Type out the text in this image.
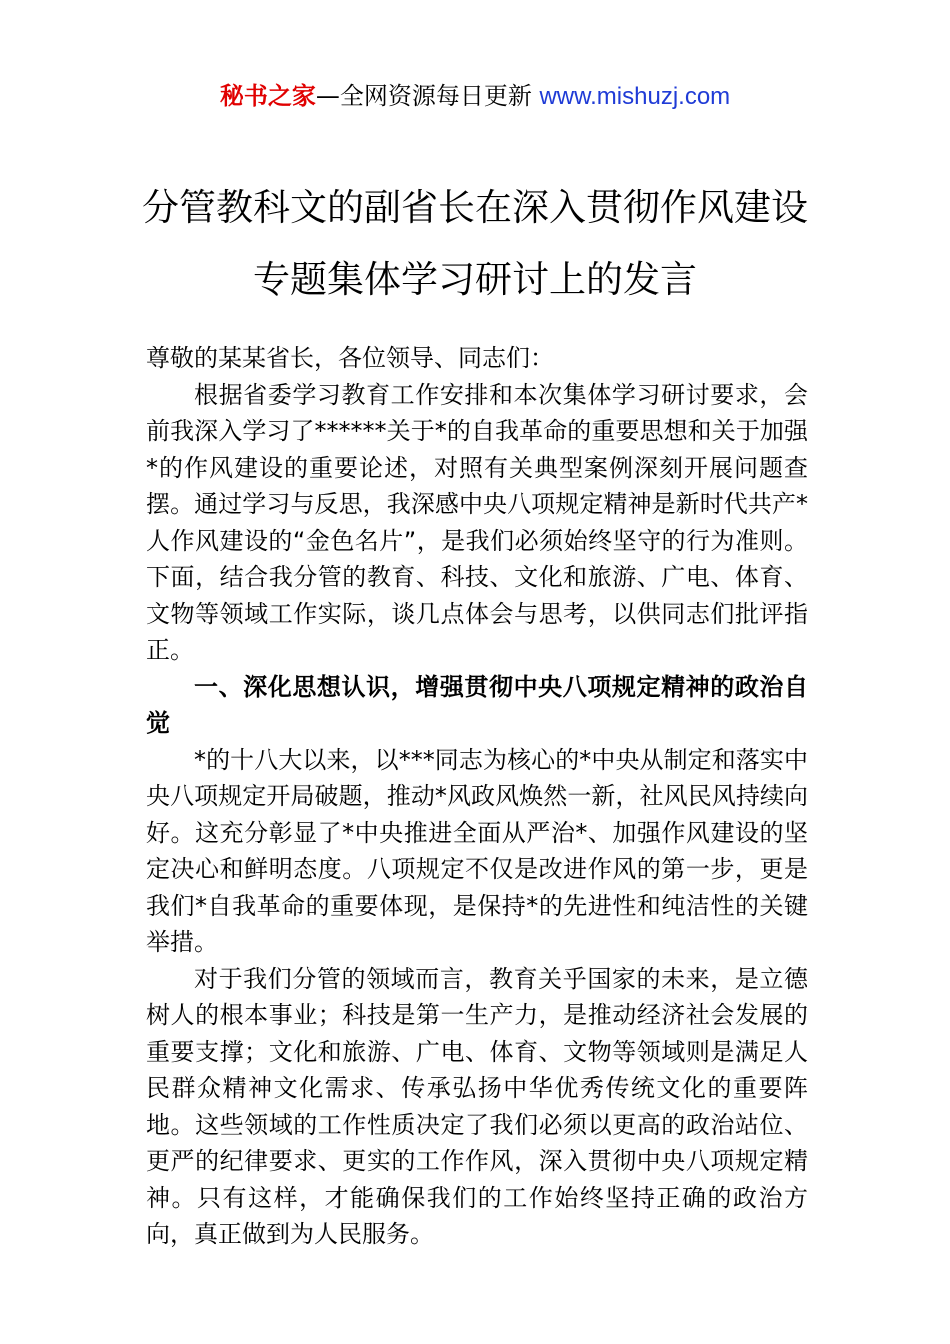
秘书之家—全网资源每日更新 www.mishuzj.com
分管教科文的副省长在深入贯彻作风建设
专题集体学习研讨上的发言

尊敬的某某省长，各位领导、同志们：

根据省委学习教育工作安排和本次集体学习研讨要求，会前我深入学习了******关于*的自我革命的重要思想和关于加强*的作风建设的重要论述，对照有关典型案例深刻开展问题查摆。通过学习与反思，我深感中央八项规定精神是新时代共产*人作风建设的“金色名片”，是我们必须始终坚守的行为准则。下面，结合我分管的教育、科技、文化和旅游、广电、体育、文物等领域工作实际，谈几点体会与思考，以供同志们批评指正。

一、深化思想认识，增强贯彻中央八项规定精神的政治自觉

*的十八大以来，以***同志为核心的*中央从制定和落实中央八项规定开局破题，推动*风政风焕然一新，社风民风持续向好。这充分彰显了*中央推进全面从严治*、加强作风建设的坚定决心和鲜明态度。八项规定不仅是改进作风的第一步，更是我们*自我革命的重要体现，是保持*的先进性和纯洁性的关键举措。

对于我们分管的领域而言，教育关乎国家的未来，是立德树人的根本事业；科技是第一生产力，是推动经济社会发展的重要支撑；文化和旅游、广电、体育、文物等领域则是满足人民群众精神文化需求、传承弘扬中华优秀传统文化的重要阵地。这些领域的工作性质决定了我们必须以更高的政治站位、更严的纪律要求、更实的工作作风，深入贯彻中央八项规定精神。只有这样，才能确保我们的工作始终坚持正确的政治方向，真正做到为人民服务。
